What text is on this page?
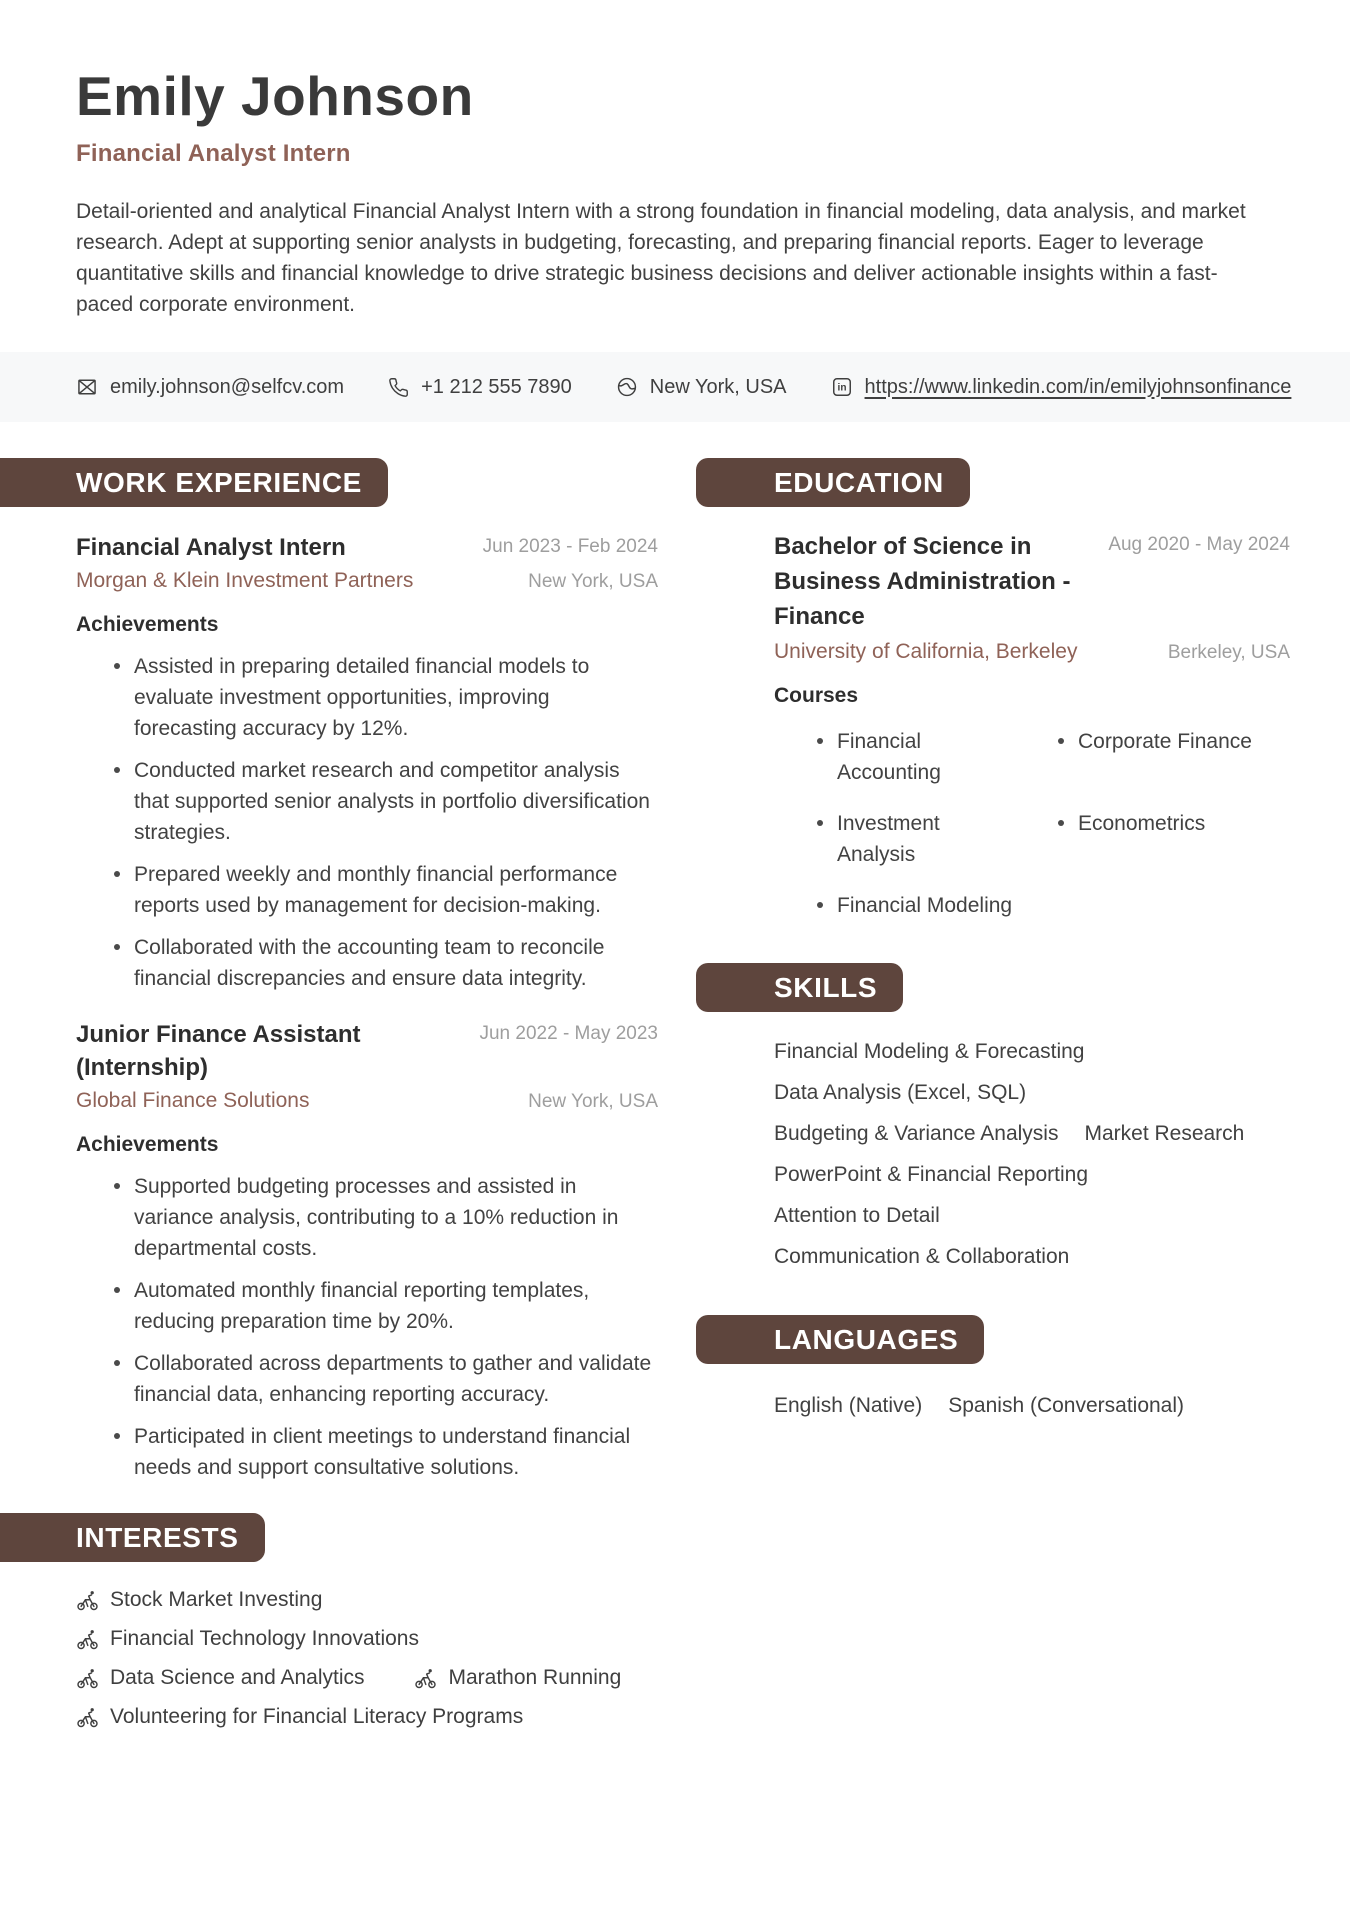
Emily Johnson
Financial Analyst Intern
Detail-oriented and analytical Financial Analyst Intern with a strong foundation in financial modeling, data analysis, and market research. Adept at supporting senior analysts in budgeting, forecasting, and preparing financial reports. Eager to leverage quantitative skills and financial knowledge to drive strategic business decisions and deliver actionable insights within a fast-paced corporate environment.
emily.johnson@selfcv.com	+1 212 555 7890	New York, USA	in https://www.linkedin.com/in/emilyjohnsonfinance
WORK EXPERIENCE
Financial Analyst Intern	Jun 2023 - Feb 2024
Morgan & Klein Investment Partners	New York, USA
Achievements
Assisted in preparing detailed financial models to evaluate investment opportunities, improving forecasting accuracy by 12%.
Conducted market research and competitor analysis that supported senior analysts in portfolio diversification strategies.
Prepared weekly and monthly financial performance reports used by management for decision-making.
Collaborated with the accounting team to reconcile financial discrepancies and ensure data integrity.
Junior Finance Assistant (Internship)
Jun 2022 - May 2023
Global Finance Solutions	New York, USA
Achievements
Supported budgeting processes and assisted in variance analysis, contributing to a 10% reduction in departmental costs.
Automated monthly financial reporting templates, reducing preparation time by 20%.
Collaborated across departments to gather and validate financial data, enhancing reporting accuracy.
Participated in client meetings to understand financial needs and support consultative solutions.
INTERESTS
Stock Market Investing
Financial Technology Innovations
Data Science and Analytics	Marathon Running
Volunteering for Financial Literacy Programs
EDUCATION
Bachelor of Science in Business Administration - Finance
Aug 2020 - May 2024
University of California, Berkeley	Berkeley, USA
Courses
Financial Accounting
Corporate Finance
Investment Analysis
Econometrics
Financial Modeling
SKILLS
Financial Modeling & Forecasting
Data Analysis (Excel, SQL)
Budgeting & Variance Analysis Market Research
PowerPoint & Financial Reporting
Attention to Detail
Communication & Collaboration
LANGUAGES
English (Native) Spanish (Conversational)
